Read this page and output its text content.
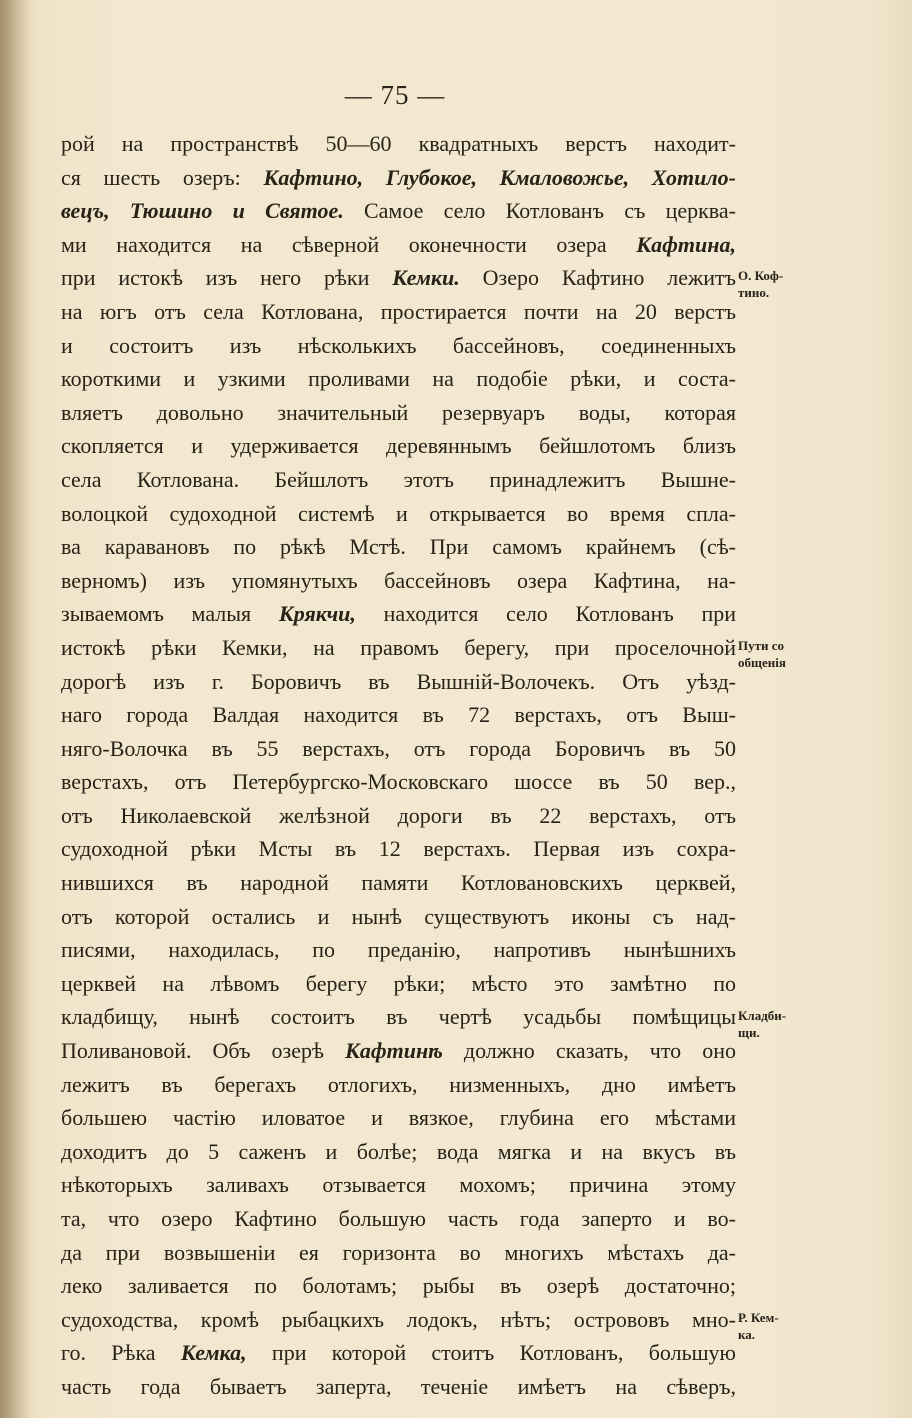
— 75 —
рой на пространствѣ 50—60 квадратныхъ верстъ находит-
ся шесть озеръ: Кафтино, Глубокое, Кмаловожье, Хотило-
вецъ, Тюшино и Святое. Самое село Котлованъ съ церква-
ми находится на сѣверной оконечности озера Кафтина,
при истокѣ изъ него рѣки Кемки. Озеро Кафтино лежитъ
на югъ отъ села Котлована, простирается почти на 20 верстъ
и состоитъ изъ нѣсколькихъ бассейновъ, соединенныхъ
короткими и узкими проливами на подобіе рѣки, и соста-
вляетъ довольно значительный резервуаръ воды, которая
скопляется и удерживается деревяннымъ бейшлотомъ близъ
села Котлована. Бейшлотъ этотъ принадлежитъ Вышне-
волоцкой судоходной системѣ и открывается во время спла-
ва каравановъ по рѣкѣ Мстѣ. При самомъ крайнемъ (сѣ-
верномъ) изъ упомянутыхъ бассейновъ озера Кафтина, на-
зываемомъ малыя Крякчи, находится село Котлованъ при
истокѣ рѣки Кемки, на правомъ берегу, при проселочной
дорогѣ изъ г. Боровичъ въ Вышній-Волочекъ. Отъ уѣзд-
наго города Валдая находится въ 72 верстахъ, отъ Выш-
няго-Волочка въ 55 верстахъ, отъ города Боровичъ въ 50
верстахъ, отъ Петербургско-Московскаго шоссе въ 50 вер.,
отъ Николаевской желѣзной дороги въ 22 верстахъ, отъ
судоходной рѣки Мсты въ 12 верстахъ. Первая изъ сохра-
нившихся въ народной памяти Котловановскихъ церквей,
отъ которой остались и нынѣ существуютъ иконы съ над-
писями, находилась, по преданію, напротивъ нынѣшнихъ
церквей на лѣвомъ берегу рѣки; мѣсто это замѣтно по
кладбищу, нынѣ состоитъ въ чертѣ усадьбы помѣщицы
Поливановой. Объ озерѣ Кафтинѣ должно сказать, что оно
лежитъ въ берегахъ отлогихъ, низменныхъ, дно имѣетъ
большею частію иловатое и вязкое, глубина его мѣстами
доходитъ до 5 саженъ и болѣе; вода мягка и на вкусъ въ
нѣкоторыхъ заливахъ отзывается мохомъ; причина этому
та, что озеро Кафтино большую часть года заперто и во-
да при возвышеніи ея горизонта во многихъ мѣстахъ да-
леко заливается по болотамъ; рыбы въ озерѣ достаточно;
судоходства, кромѣ рыбацкихъ лодокъ, нѣтъ; острововъ мно-
го. Рѣка Кемка, при которой стоитъ Котлованъ, большую
часть года бываетъ заперта, теченіе имѣетъ на сѣверъ,
О. Коф-
тино.
Пути со
общенія
Кладби-
щи.
Р. Кем-
ка.
